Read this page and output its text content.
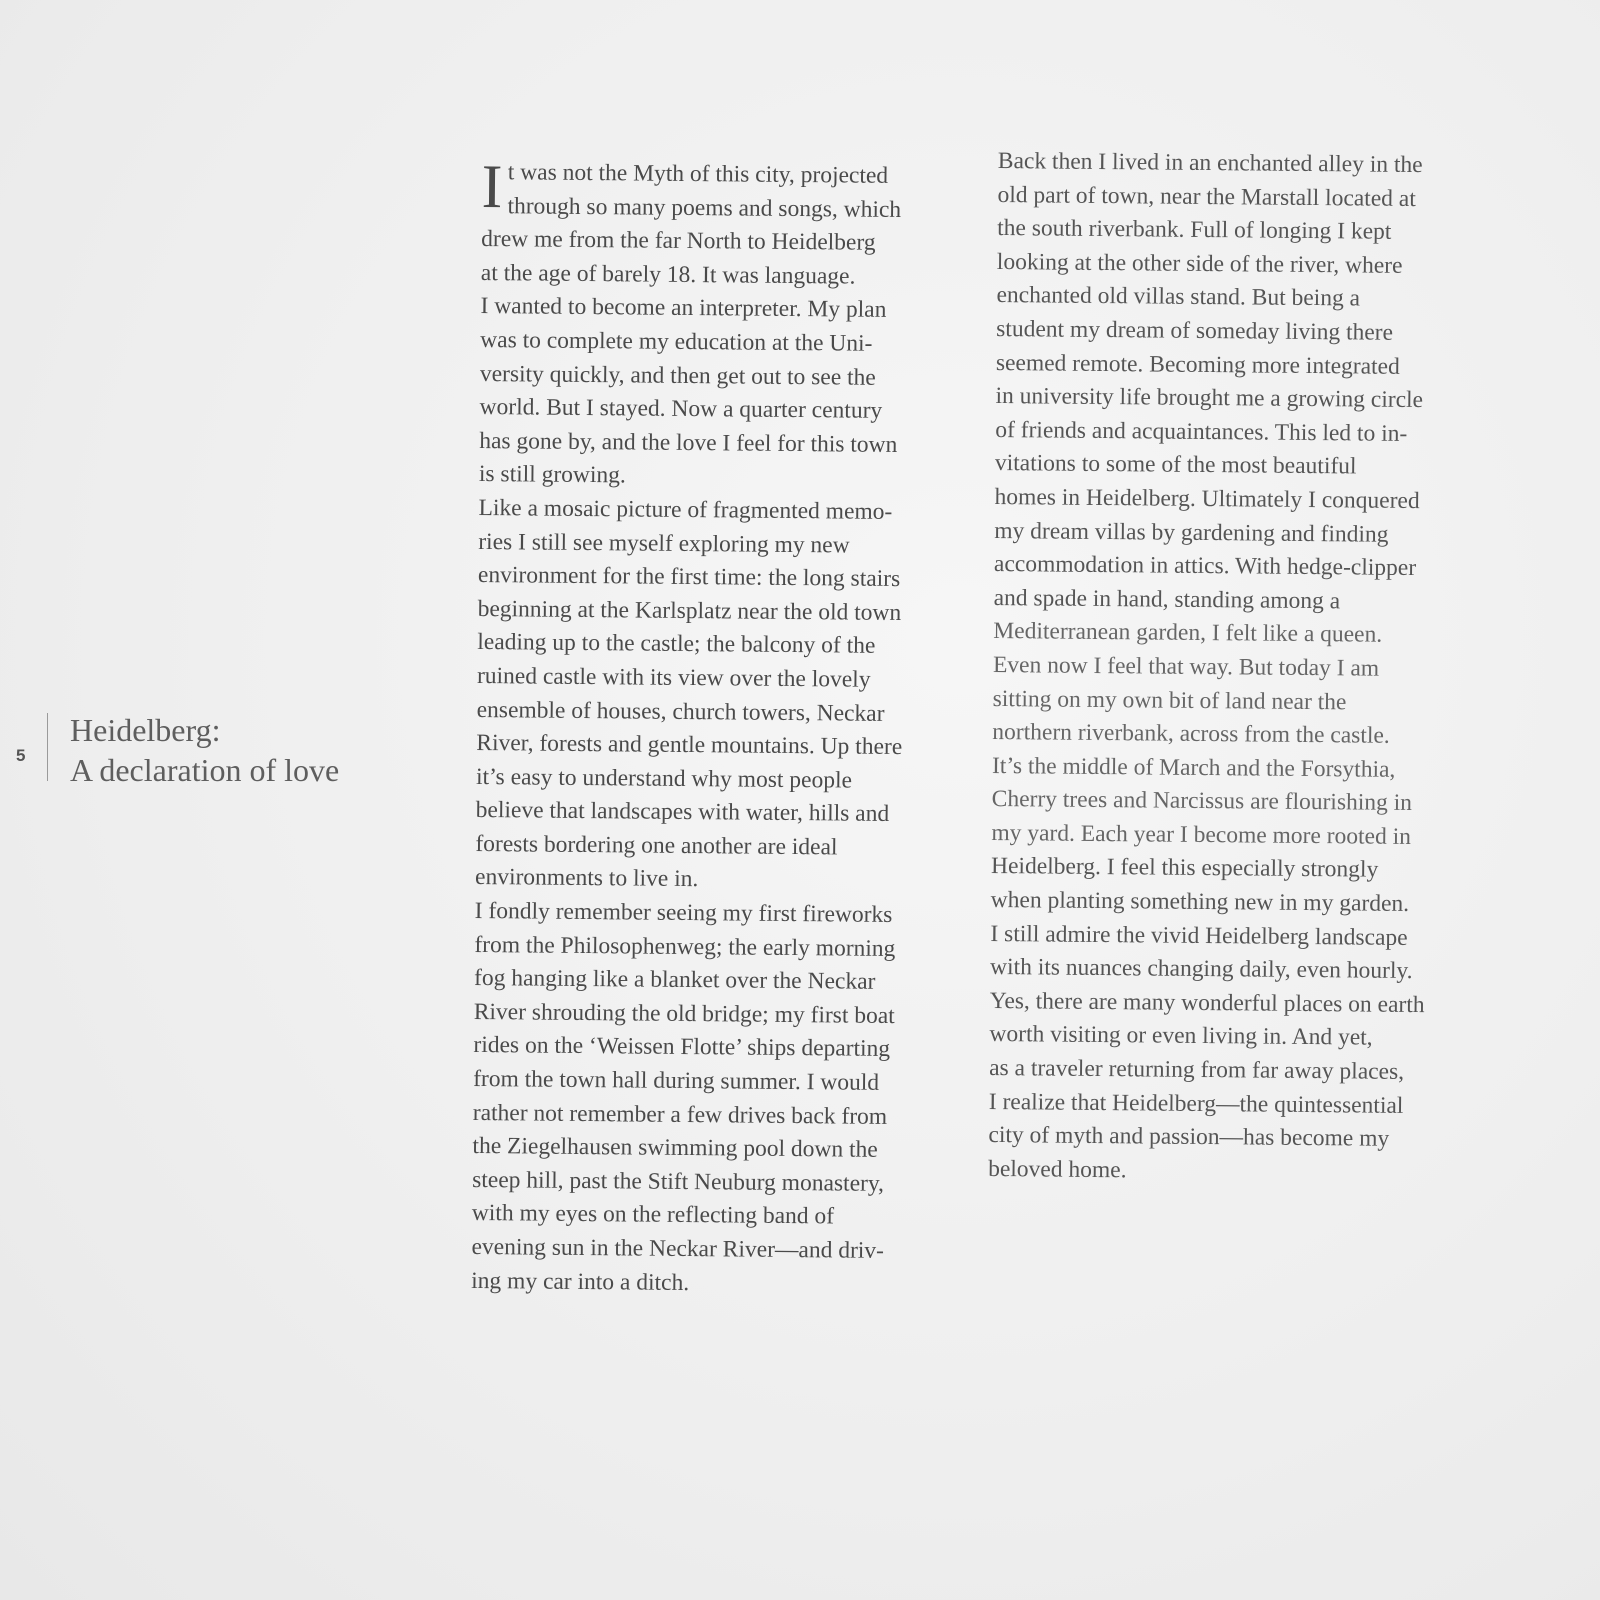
5
Heidelberg:
A declaration of love
I t was not the Myth of this city, projected
through so many poems and songs, which
drew me from the far North to Heidelberg
at the age of barely 18. It was language.
I wanted to become an interpreter. My plan
was to complete my education at the Uni-
versity quickly, and then get out to see the
world. But I stayed. Now a quarter century
has gone by, and the love I feel for this town
is still growing.
Like a mosaic picture of fragmented memo-
ries I still see myself exploring my new
environment for the first time: the long stairs
beginning at the Karlsplatz near the old town
leading up to the castle; the balcony of the
ruined castle with its view over the lovely
ensemble of houses, church towers, Neckar
River, forests and gentle mountains. Up there
it’s easy to understand why most people
believe that landscapes with water, hills and
forests bordering one another are ideal
environments to live in.
I fondly remember seeing my first fireworks
from the Philosophenweg; the early morning
fog hanging like a blanket over the Neckar
River shrouding the old bridge; my first boat
rides on the ‘Weissen Flotte’ ships departing
from the town hall during summer. I would
rather not remember a few drives back from
the Ziegelhausen swimming pool down the
steep hill, past the Stift Neuburg monastery,
with my eyes on the reflecting band of
evening sun in the Neckar River—and driv-
ing my car into a ditch.
Back then I lived in an enchanted alley in the
old part of town, near the Marstall located at
the south riverbank. Full of longing I kept
looking at the other side of the river, where
enchanted old villas stand. But being a
student my dream of someday living there
seemed remote. Becoming more integrated
in university life brought me a growing circle
of friends and acquaintances. This led to in-
vitations to some of the most beautiful
homes in Heidelberg. Ultimately I conquered
my dream villas by gardening and finding
accommodation in attics. With hedge-clipper
and spade in hand, standing among a
Mediterranean garden, I felt like a queen.
Even now I feel that way. But today I am
sitting on my own bit of land near the
northern riverbank, across from the castle.
It’s the middle of March and the Forsythia,
Cherry trees and Narcissus are flourishing in
my yard. Each year I become more rooted in
Heidelberg. I feel this especially strongly
when planting something new in my garden.
I still admire the vivid Heidelberg landscape
with its nuances changing daily, even hourly.
Yes, there are many wonderful places on earth
worth visiting or even living in. And yet,
as a traveler returning from far away places,
I realize that Heidelberg—the quintessential
city of myth and passion—has become my
beloved home.
